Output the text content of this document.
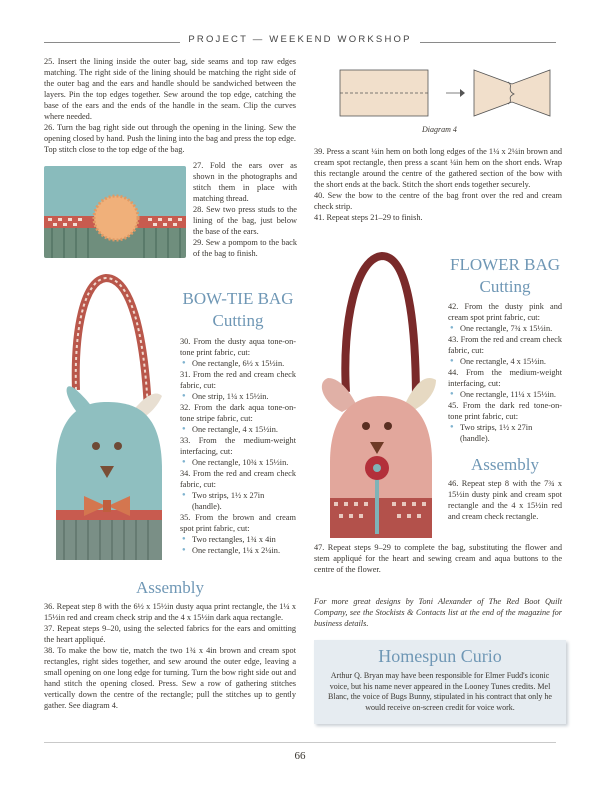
PROJECT — WEEKEND WORKSHOP

25. Insert the lining inside the outer bag, side seams and top raw edges matching. The right side of the lining should be matching the right side of the outer bag and the ears and handle should be sandwiched between the layers. Pin the top edges together. Sew around the top edge, catching the base of the ears and the ends of the handle in the seam. Clip the curves where needed.

26. Turn the bag right side out through the opening in the lining. Sew the opening closed by hand. Push the lining into the bag and press the top edge. Top stitch close to the top edge of the bag.

27. Fold the ears over as shown in the photographs and stitch them in place with matching thread.

28. Sew two press studs to the lining of the bag, just below the base of the ears.

29. Sew a pompom to the back of the bag to finish.

BOW-TIE BAG
Cutting

30. From the dusty aqua tone-on-tone print fabric, cut:

● One rectangle, 6½ x 15½in.

31. From the red and cream check fabric, cut:

● One strip, 1¼ x 15½in.

32. From the dark aqua tone-on-tone stripe fabric, cut:

● One rectangle, 4 x 15½in.

33. From the medium-weight interfacing, cut:

● One rectangle, 10¾ x 15½in.

34. From the red and cream check fabric, cut:

● Two strips, 1½ x 27in (handle).

35. From the brown and cream spot print fabric, cut:

● Two rectangles, 1¾ x 4in

● One rectangle, 1¼ x 2¼in.

Assembly

36. Repeat step 8 with the 6½ x 15½in dusty aqua print rectangle, the 1¼ x 15½in red and cream check strip and the 4 x 15½in dark aqua rectangle.

37. Repeat steps 9–20, using the selected fabrics for the ears and omitting the heart appliqué.

38. To make the bow tie, match the two 1¾ x 4in brown and cream spot rectangles, right sides together, and sew around the outer edge, leaving a small opening on one long edge for turning. Turn the bow right side out and hand stitch the opening closed. Press. Sew a row of gathering stitches vertically down the centre of the rectangle; pull the stitches up to gently gather. See diagram 4.

Diagram 4

39. Press a scant ¼in hem on both long edges of the 1¼ x 2¼in brown and cream spot rectangle, then press a scant ¼in hem on the short ends. Wrap this rectangle around the centre of the gathered section of the bow with the short ends at the back. Stitch the short ends together securely.

40. Sew the bow to the centre of the bag front over the red and cream check strip.

41. Repeat steps 21–29 to finish.

FLOWER BAG
Cutting

42. From the dusty pink and cream spot print fabric, cut:

● One rectangle, 7¾ x 15½in.

43. From the red and cream check fabric, cut:

● One rectangle, 4 x 15½in.

44. From the medium-weight interfacing, cut:

● One rectangle, 11¼ x 15½in.

45. From the dark red tone-on-tone print fabric, cut:

● Two strips, 1½ x 27in (handle).

Assembly

46. Repeat step 8 with the 7¾ x 15½in dusty pink and cream spot rectangle and the 4 x 15½in red and cream check rectangle.

47. Repeat steps 9–29 to complete the bag, substituting the flower and stem appliqué for the heart and sewing cream and aqua buttons to the centre of the flower.

For more great designs by Toni Alexander of The Red Boot Quilt Company, see the Stockists & Contacts list at the end of the magazine for business details.

Homespun Curio

Arthur Q. Bryan may have been responsible for Elmer Fudd's iconic voice, but his name never appeared in the Looney Tunes credits. Mel Blanc, the voice of Bugs Bunny, stipulated in his contract that only he would receive on-screen credit for voice work.

66
